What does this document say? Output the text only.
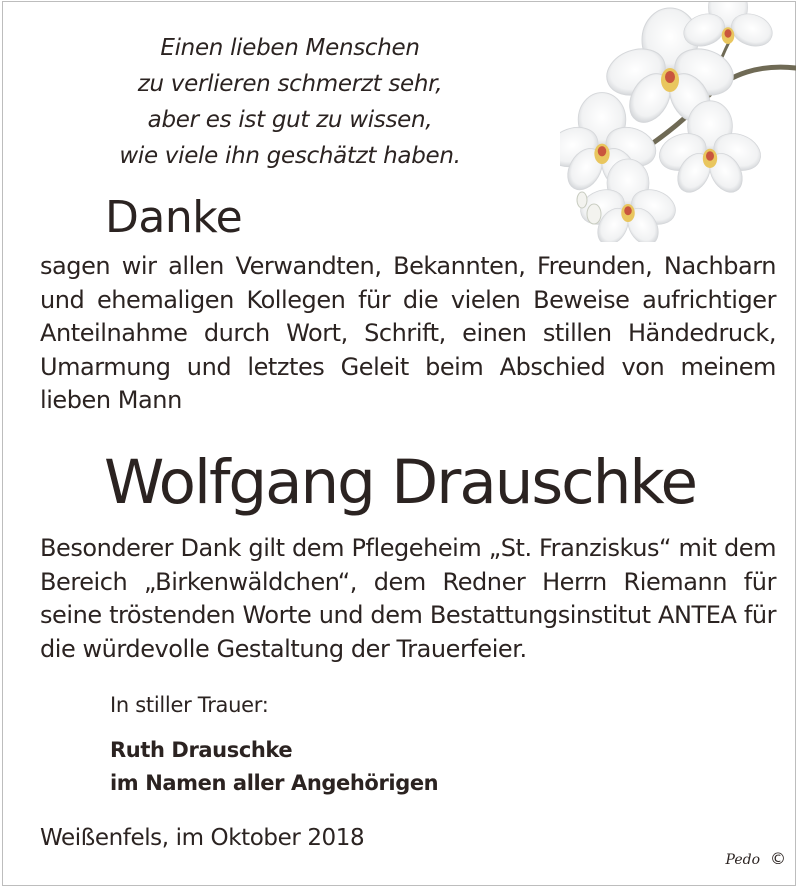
Einen lieben Menschen
zu verlieren schmerzt sehr,
aber es ist gut zu wissen,
wie viele ihn geschätzt haben.
Danke
sagen wir allen Verwandten, Bekannten, Freunden, Nachbarn
und ehemaligen Kollegen für die vielen Beweise aufrichtiger
Anteilnahme durch Wort, Schrift, einen stillen Händedruck,
Umarmung und letztes Geleit beim Abschied von meinem
lieben Mann
Wolfgang Drauschke
Besonderer Dank gilt dem Pflegeheim „St. Franziskus“ mit dem
Bereich „Birkenwäldchen“, dem Redner Herrn Riemann für
seine tröstenden Worte und dem Bestattungsinstitut ANTEA für
die würdevolle Gestaltung der Trauerfeier.
In stiller Trauer:
Ruth Drauschke
im Namen aller Angehörigen
Weißenfels, im Oktober 2018
Pedo ©
